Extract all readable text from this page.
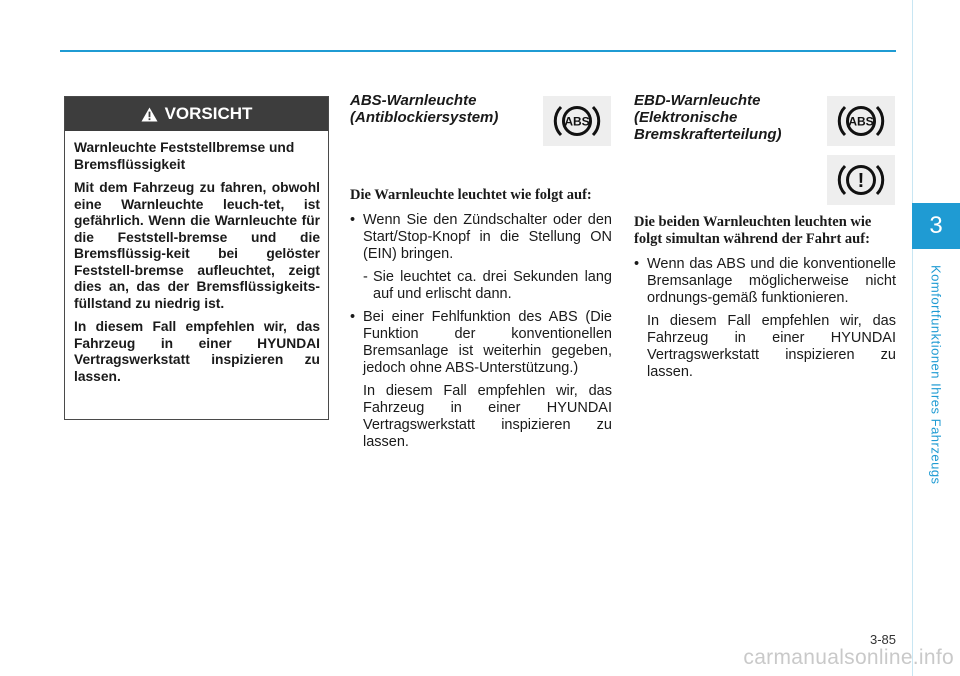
3
Komfortfunktionen Ihres Fahrzeugs
VORSICHT

Warnleuchte Feststellbremse und Bremsflüssigkeit

Mit dem Fahrzeug zu fahren, obwohl eine Warnleuchte leuch-tet, ist gefährlich. Wenn die Warnleuchte für die Feststell-bremse und die Bremsflüssig-keit bei gelöster Feststell-bremse aufleuchtet, zeigt dies an, das der Bremsflüssigkeits-füllstand zu niedrig ist.

In diesem Fall empfehlen wir, das Fahrzeug in einer HYUNDAI Vertragswerkstatt inspizieren zu lassen.

ABS-Warnleuchte (Antiblockiersystem)

Die Warnleuchte leuchtet wie folgt auf:

• Wenn Sie den Zündschalter oder den Start/Stop-Knopf in die Stellung ON (EIN) bringen.

- Sie leuchtet ca. drei Sekunden lang auf und erlischt dann.

• Bei einer Fehlfunktion des ABS (Die Funktion der konventionellen Bremsanlage ist weiterhin gegeben, jedoch ohne ABS-Unterstützung.)

In diesem Fall empfehlen wir, das Fahrzeug in einer HYUNDAI Vertragswerkstatt inspizieren zu lassen.

ABS

EBD-Warnleuchte (Elektronische Bremskrafterteilung)

Die beiden Warnleuchten leuchten wie folgt simultan während der Fahrt auf:

• Wenn das ABS und die konventionelle Bremsanlage möglicherweise nicht ordnungs-gemäß funktionieren.

In diesem Fall empfehlen wir, das Fahrzeug in einer HYUNDAI Vertragswerkstatt inspizieren zu lassen.

ABS
!
3-85
carmanualsonline.info
